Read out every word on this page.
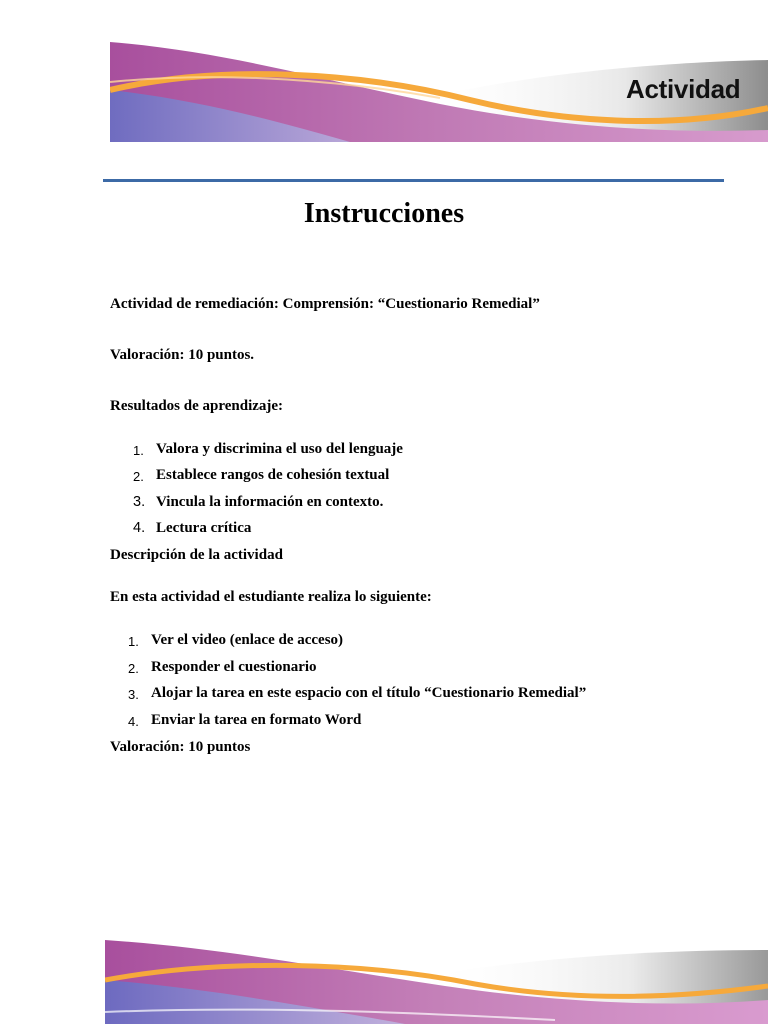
Actividad
Instrucciones
Actividad de remediación: Comprensión: “Cuestionario Remedial”
Valoración: 10 puntos.
Resultados de aprendizaje:
1. Valora y discrimina el uso del lenguaje
2. Establece rangos de cohesión textual
3. Vincula la información en contexto.
4. Lectura crítica
Descripción de la actividad
En esta actividad el estudiante realiza lo siguiente:
1. Ver el video (enlace de acceso)
2. Responder el cuestionario
3. Alojar la tarea en este espacio con el título “Cuestionario Remedial”
4. Enviar la tarea en formato Word
Valoración: 10 puntos
